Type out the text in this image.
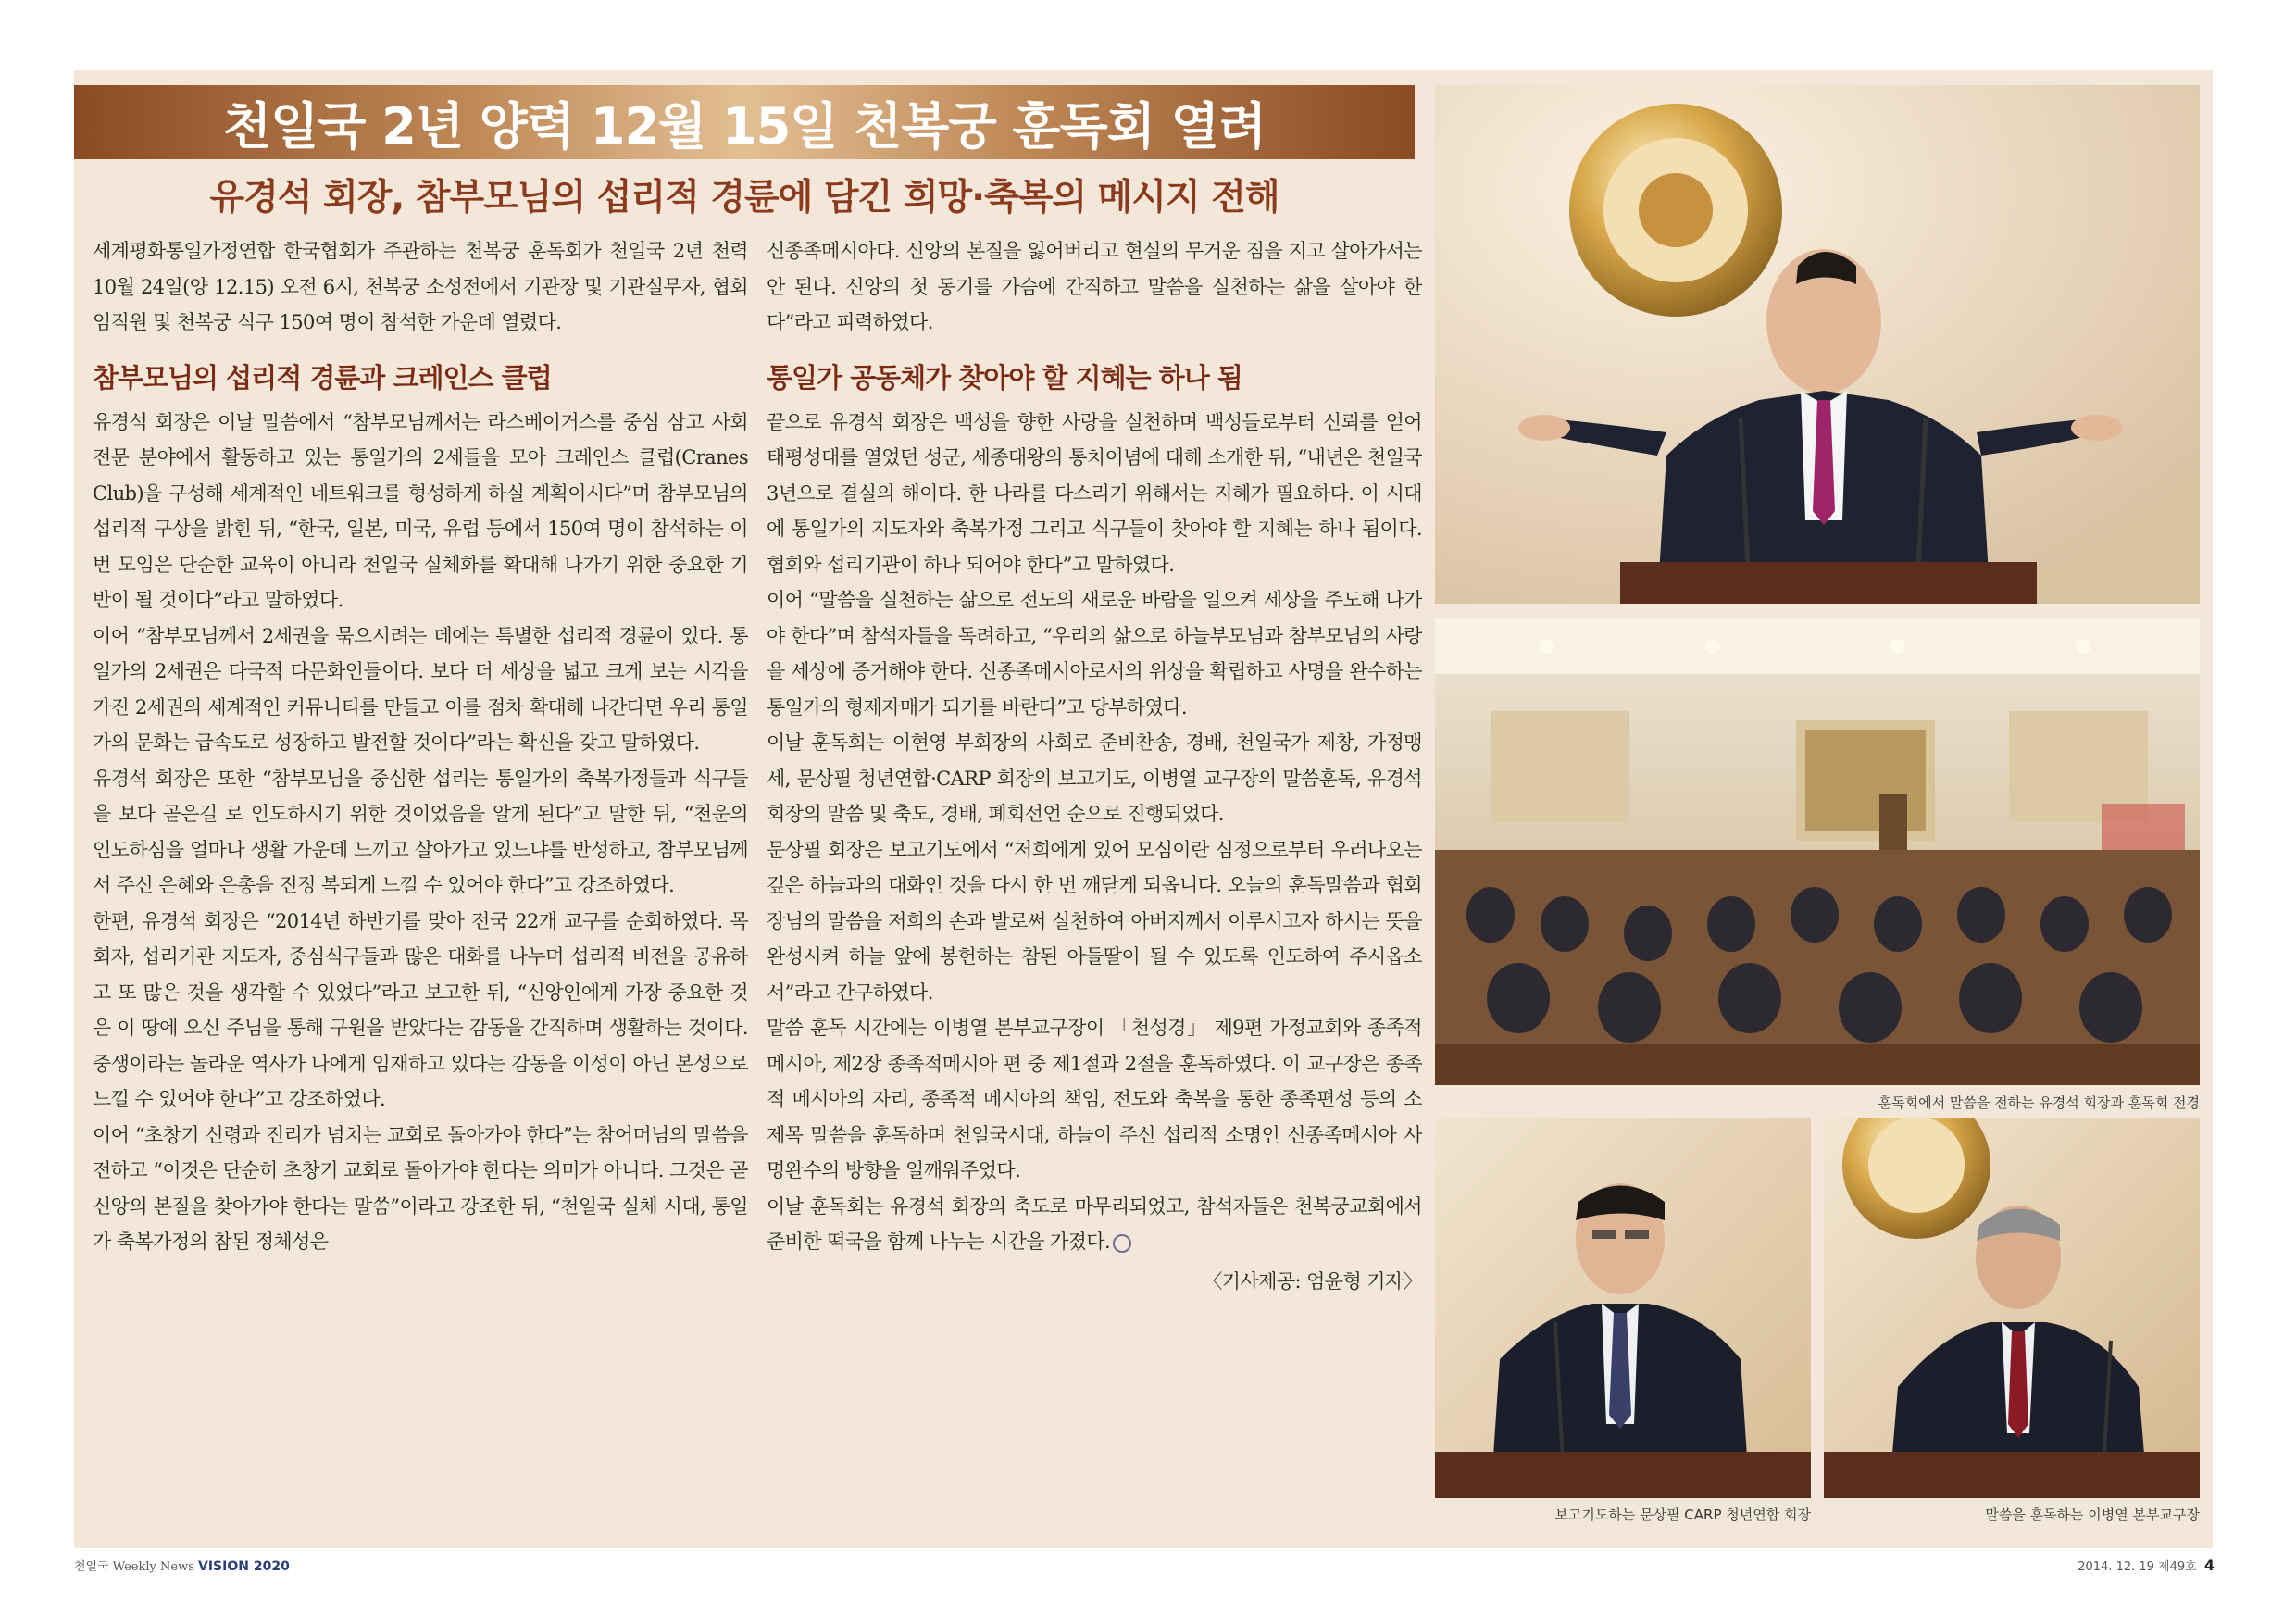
천일국 2년 양력 12월 15일 천복궁 훈독회 열려
유경석 회장, 참부모님의 섭리적 경륜에 담긴 희망·축복의 메시지 전해

세계평화통일가정연합 한국협회가 주관하는 천복궁 훈독회가 천일국 2년 천력 10월 24일(양 12.15) 오전 6시, 천복궁 소성전에서 기관장 및 기관실무자, 협회 임직원 및 천복궁 식구 150여 명이 참석한 가운데 열렸다.

참부모님의 섭리적 경륜과 크레인스 클럽

유경석 회장은 이날 말씀에서 “참부모님께서는 라스베이거스를 중심 삼고 사회 전문 분야에서 활동하고 있는 통일가의 2세들을 모아 크레인스 클럽(Cranes Club)을 구성해 세계적인 네트워크를 형성하게 하실 계획이시다”며 참부모님의 섭리적 구상을 밝힌 뒤, “한국, 일본, 미국, 유럽 등에서 150여 명이 참석하는 이번 모임은 단순한 교육이 아니라 천일국 실체화를 확대해 나가기 위한 중요한 기반이 될 것이다”라고 말하였다.

이어 “참부모님께서 2세권을 묶으시려는 데에는 특별한 섭리적 경륜이 있다. 통일가의 2세권은 다국적 다문화인들이다. 보다 더 세상을 넓고 크게 보는 시각을 가진 2세권의 세계적인 커뮤니티를 만들고 이를 점차 확대해 나간다면 우리 통일가의 문화는 급속도로 성장하고 발전할 것이다”라는 확신을 갖고 말하였다.

유경석 회장은 또한 “참부모님을 중심한 섭리는 통일가의 축복가정들과 식구들을 보다 곧은길 로 인도하시기 위한 것이었음을 알게 된다”고 말한 뒤, “천운의 인도하심을 얼마나 생활 가운데 느끼고 살아가고 있느냐를 반성하고, 참부모님께서 주신 은혜와 은총을 진정 복되게 느낄 수 있어야 한다”고 강조하였다.

한편, 유경석 회장은 “2014년 하반기를 맞아 전국 22개 교구를 순회하였다. 목회자, 섭리기관 지도자, 중심식구들과 많은 대화를 나누며 섭리적 비전을 공유하고 또 많은 것을 생각할 수 있었다”라고 보고한 뒤, “신앙인에게 가장 중요한 것은 이 땅에 오신 주님을 통해 구원을 받았다는 감동을 간직하며 생활하는 것이다. 중생이라는 놀라운 역사가 나에게 임재하고 있다는 감동을 이성이 아닌 본성으로 느낄 수 있어야 한다”고 강조하였다.

이어 “초창기 신령과 진리가 넘치는 교회로 돌아가야 한다”는 참어머님의 말씀을 전하고 “이것은 단순히 초창기 교회로 돌아가야 한다는 의미가 아니다. 그것은 곧 신앙의 본질을 찾아가야 한다는 말씀”이라고 강조한 뒤, “천일국 실체 시대, 통일가 축복가정의 참된 정체성은

신종족메시아다. 신앙의 본질을 잃어버리고 현실의 무거운 짐을 지고 살아가서는 안 된다. 신앙의 첫 동기를 가슴에 간직하고 말씀을 실천하는 삶을 살아야 한다”라고 피력하였다.

통일가 공동체가 찾아야 할 지혜는 하나 됨

끝으로 유경석 회장은 백성을 향한 사랑을 실천하며 백성들로부터 신뢰를 얻어 태평성대를 열었던 성군, 세종대왕의 통치이념에 대해 소개한 뒤, “내년은 천일국 3년으로 결실의 해이다. 한 나라를 다스리기 위해서는 지혜가 필요하다. 이 시대에 통일가의 지도자와 축복가정 그리고 식구들이 찾아야 할 지혜는 하나 됨이다. 협회와 섭리기관이 하나 되어야 한다”고 말하였다.

이어 “말씀을 실천하는 삶으로 전도의 새로운 바람을 일으켜 세상을 주도해 나가야 한다”며 참석자들을 독려하고, “우리의 삶으로 하늘부모님과 참부모님의 사랑을 세상에 증거해야 한다. 신종족메시아로서의 위상을 확립하고 사명을 완수하는 통일가의 형제자매가 되기를 바란다”고 당부하였다.

이날 훈독회는 이현영 부회장의 사회로 준비찬송, 경배, 천일국가 제창, 가정맹세, 문상필 청년연합·CARP 회장의 보고기도, 이병열 교구장의 말씀훈독, 유경석 회장의 말씀 및 축도, 경배, 폐회선언 순으로 진행되었다.

문상필 회장은 보고기도에서 “저희에게 있어 모심이란 심정으로부터 우러나오는 깊은 하늘과의 대화인 것을 다시 한 번 깨닫게 되옵니다. 오늘의 훈독말씀과 협회장님의 말씀을 저희의 손과 발로써 실천하여 아버지께서 이루시고자 하시는 뜻을 완성시켜 하늘 앞에 봉헌하는 참된 아들딸이 될 수 있도록 인도하여 주시옵소서”라고 간구하였다.

말씀 훈독 시간에는 이병열 본부교구장이 「천성경」 제9편 가정교회와 종족적메시아, 제2장 종족적메시아 편 중 제1절과 2절을 훈독하였다. 이 교구장은 종족적 메시아의 자리, 종족적 메시아의 책임, 전도와 축복을 통한 종족편성 등의 소제목 말씀을 훈독하며 천일국시대, 하늘이 주신 섭리적 소명인 신종족메시아 사명완수의 방향을 일깨워주었다.

이날 훈독회는 유경석 회장의 축도로 마무리되었고, 참석자들은 천복궁교회에서 준비한 떡국을 함께 나누는 시간을 가졌다.

〈기사제공: 엄윤형 기자〉

훈독회에서 말씀을 전하는 유경석 회장과 훈독회 전경
보고기도하는 문상필 CARP 청년연합 회장	말씀을 훈독하는 이병열 본부교구장
천일국 Weekly News VISION 2020	2014. 12. 19 제49호 4
